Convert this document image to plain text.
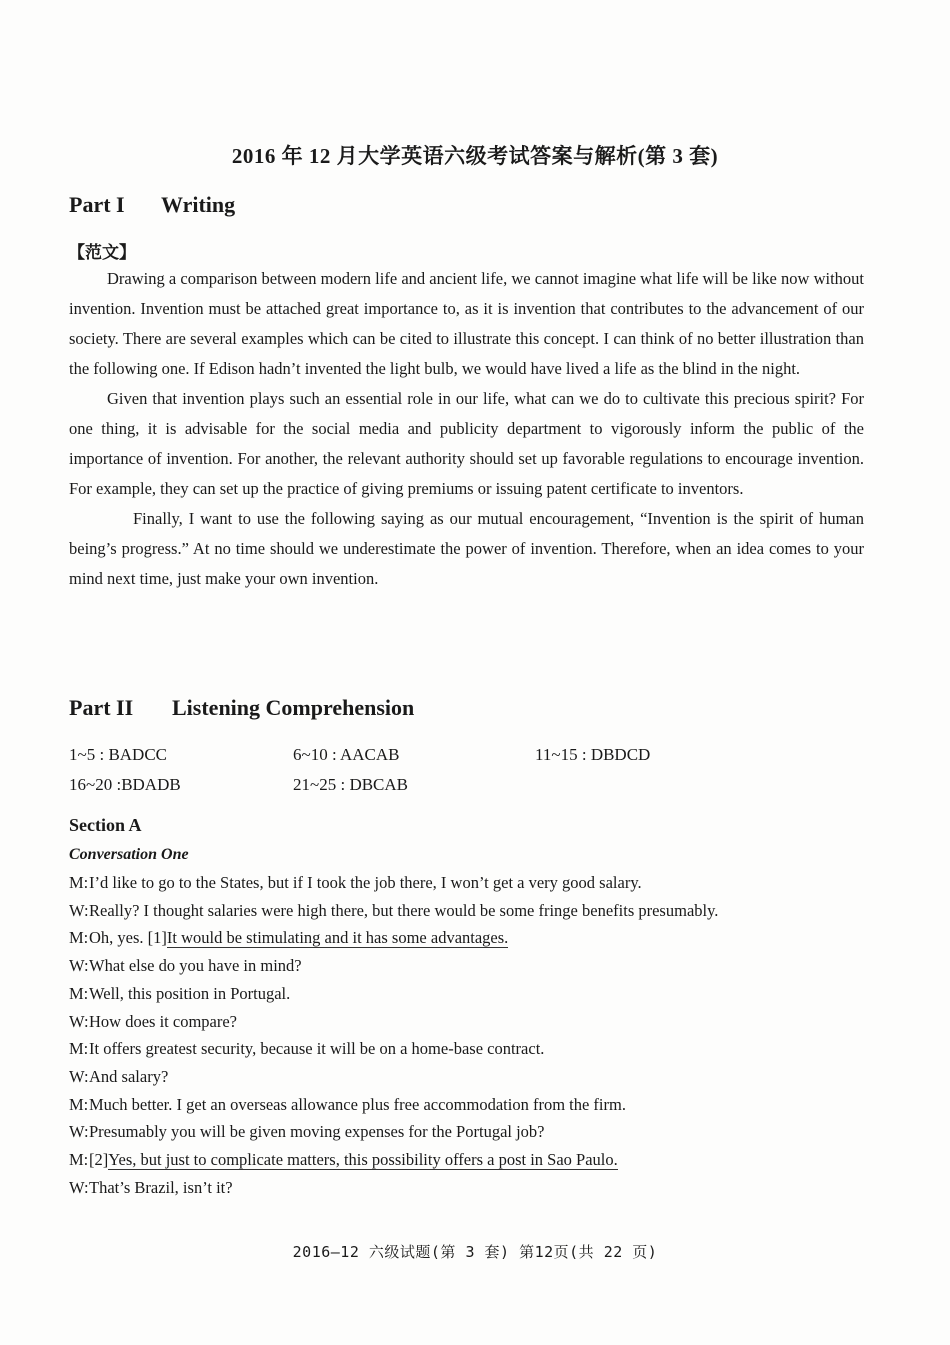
2016 年 12 月大学英语六级考试答案与解析(第 3 套)
Part I Writing
【范文】

Drawing a comparison between modern life and ancient life, we cannot imagine what life will be like now without invention. Invention must be attached great importance to, as it is invention that contributes to the advancement of our society. There are several examples which can be cited to illustrate this concept. I can think of no better illustration than the following one. If Edison hadn’t invented the light bulb, we would have lived a life as the blind in the night.

Given that invention plays such an essential role in our life, what can we do to cultivate this precious spirit? For one thing, it is advisable for the social media and publicity department to vigorously inform the public of the importance of invention. For another, the relevant authority should set up favorable regulations to encourage invention. For example, they can set up the practice of giving premiums or issuing patent certificate to inventors.

Finally, I want to use the following saying as our mutual encouragement, “Invention is the spirit of human being’s progress.” At no time should we underestimate the power of invention. Therefore, when an idea comes to your mind next time, just make your own invention.

Part II Listening Comprehension
1~5 : BADCC	6~10 : AACAB	11~15 : DBDCD
16~20 :BDADB	21~25 : DBCAB
Section A
Conversation One
M: I’d like to go to the States, but if I took the job there, I won’t get a very good salary.
W: Really? I thought salaries were high there, but there would be some fringe benefits presumably.
M: Oh, yes. [1]It would be stimulating and it has some advantages.
W: What else do you have in mind?
M: Well, this position in Portugal.
W: How does it compare?
M: It offers greatest security, because it will be on a home-base contract.
W: And salary?
M: Much better. I get an overseas allowance plus free accommodation from the firm.
W: Presumably you will be given moving expenses for the Portugal job?
M: [2]Yes, but just to complicate matters, this possibility offers a post in Sao Paulo.
W: That’s Brazil, isn’t it?
2016—12 六级试题(第 3 套) 第12页(共 22 页)
